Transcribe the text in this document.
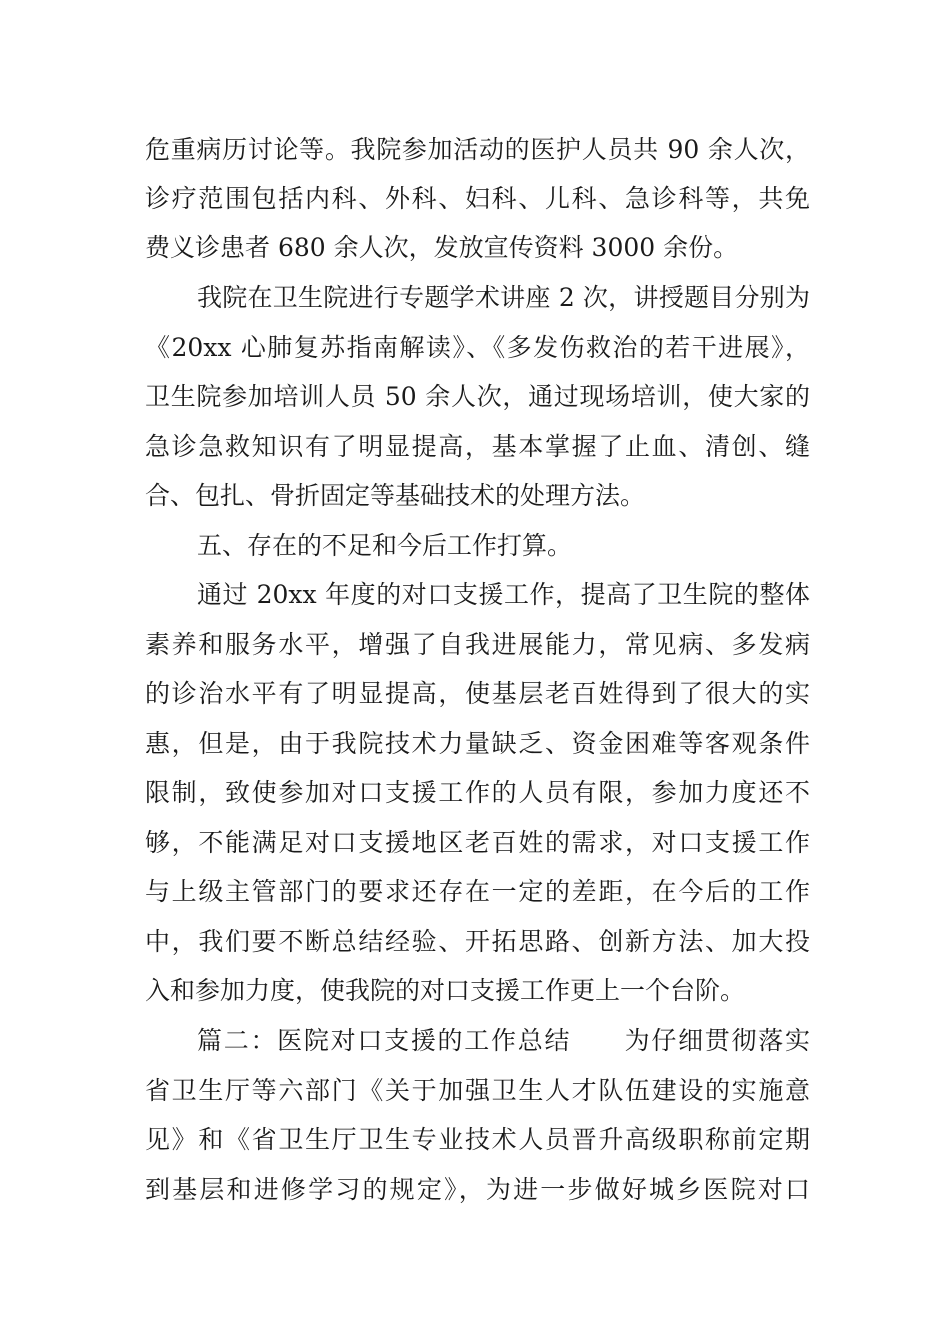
危重病历讨论等。我院参加活动的医护人员共 90 余人次，
诊疗范围包括内科、外科、妇科、儿科、急诊科等，共免
费义诊患者 680 余人次，发放宣传资料 3000 余份。
我院在卫生院进行专题学术讲座 2 次，讲授题目分别为
《20xx 心肺复苏指南解读》、《多发伤救治的若干进展》，
卫生院参加培训人员 50 余人次，通过现场培训，使大家的
急诊急救知识有了明显提高，基本掌握了止血、清创、缝
合、包扎、骨折固定等基础技术的处理方法。
五、存在的不足和今后工作打算。
通过 20xx 年度的对口支援工作，提高了卫生院的整体
素养和服务水平，增强了自我进展能力，常见病、多发病
的诊治水平有了明显提高，使基层老百姓得到了很大的实
惠，但是，由于我院技术力量缺乏、资金困难等客观条件
限制，致使参加对口支援工作的人员有限，参加力度还不
够，不能满足对口支援地区老百姓的需求，对口支援工作
与上级主管部门的要求还存在一定的差距，在今后的工作
中，我们要不断总结经验、开拓思路、创新方法、加大投
入和参加力度，使我院的对口支援工作更上一个台阶。
篇二：医院对口支援的工作总结　　为仔细贯彻落实
省卫生厅等六部门《关于加强卫生人才队伍建设的实施意
见》和《省卫生厅卫生专业技术人员晋升高级职称前定期
到基层和进修学习的规定》，为进一步做好城乡医院对口
